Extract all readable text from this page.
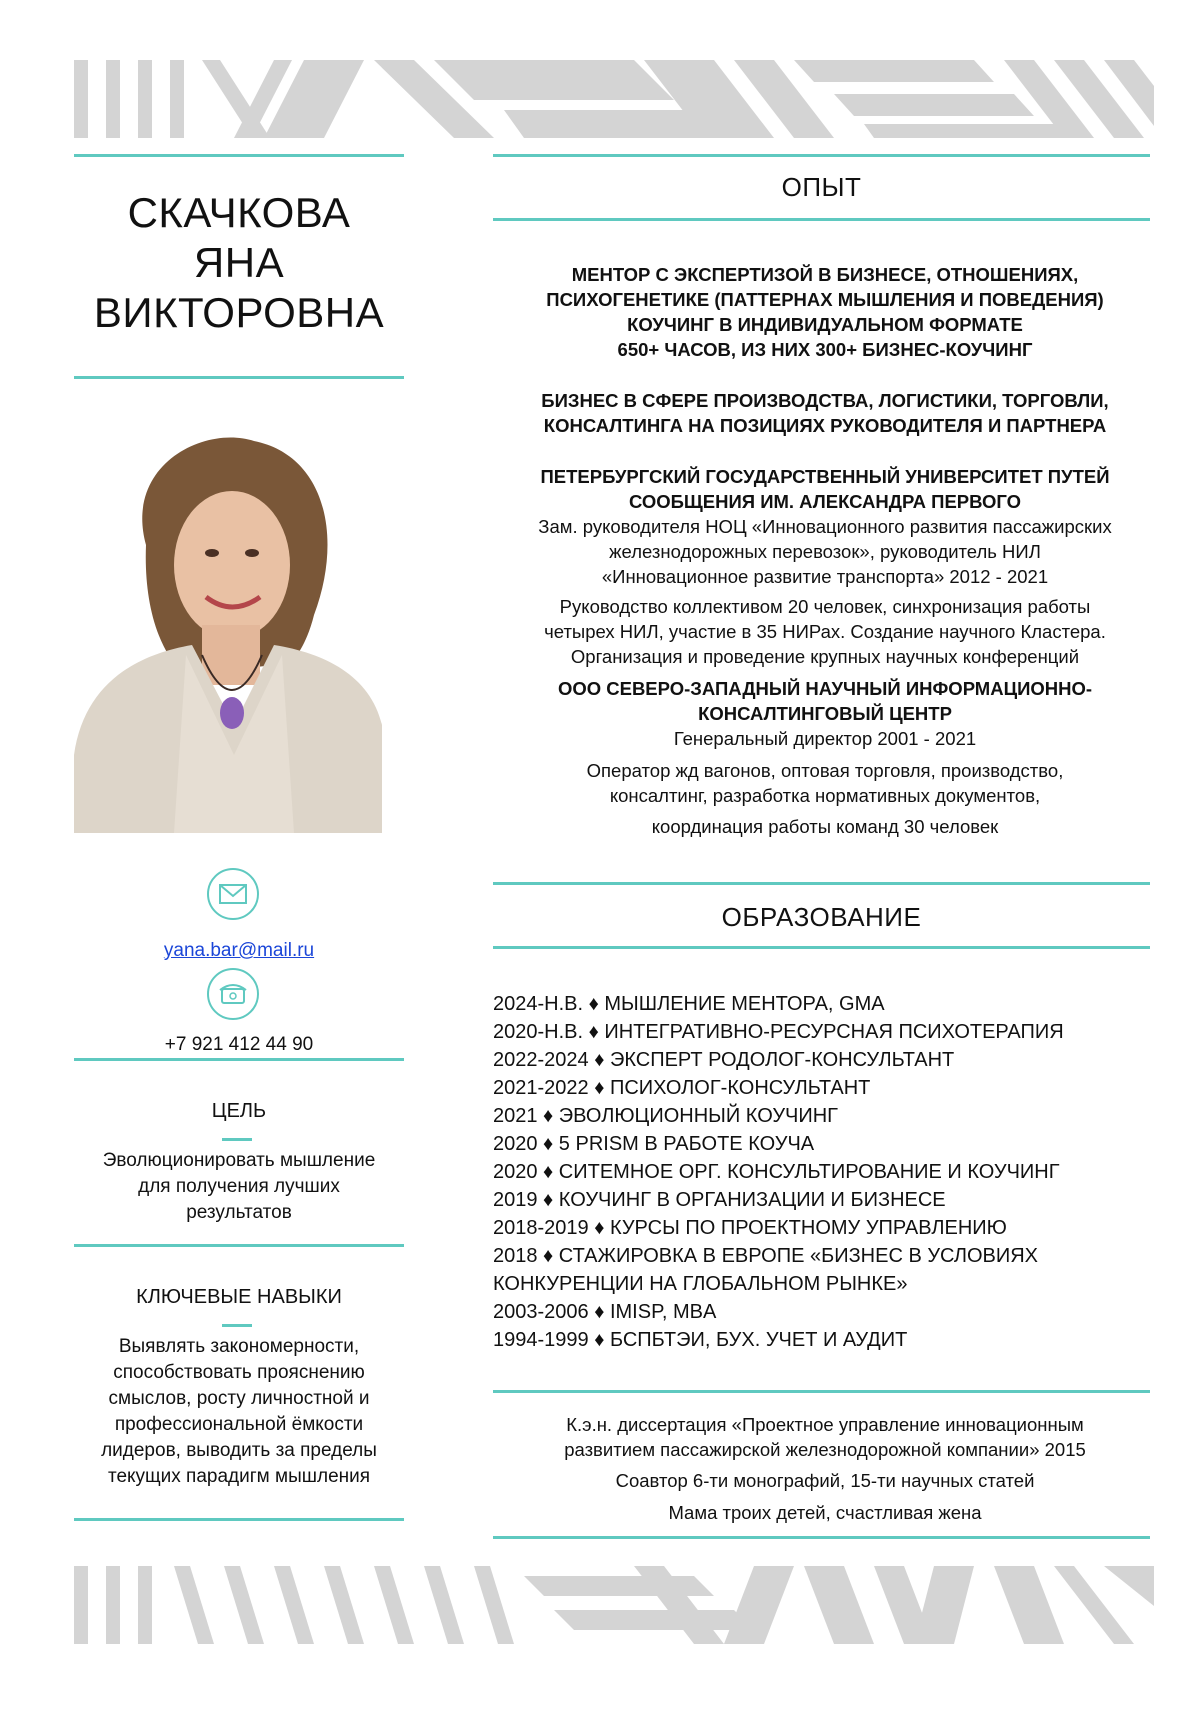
СКАЧКОВА
ЯНА
ВИКТОРОВНА
yana.bar@mail.ru
+7 921 412 44 90
ЦЕЛЬ
Эволюционировать мышление
для получения лучших
результатов
КЛЮЧЕВЫЕ НАВЫКИ
Выявлять закономерности,
способствовать прояснению
смыслов, росту личностной и
профессиональной ёмкости
лидеров, выводить за пределы
текущих парадигм мышления
ОПЫТ
МЕНТОР С ЭКСПЕРТИЗОЙ В БИЗНЕСЕ, ОТНОШЕНИЯХ,
ПСИХОГЕНЕТИКЕ (ПАТТЕРНАХ МЫШЛЕНИЯ И ПОВЕДЕНИЯ)
КОУЧИНГ В ИНДИВИДУАЛЬНОМ ФОРМАТЕ
650+ ЧАСОВ, ИЗ НИХ 300+ БИЗНЕС-КОУЧИНГ
БИЗНЕС В СФЕРЕ ПРОИЗВОДСТВА, ЛОГИСТИКИ, ТОРГОВЛИ,
КОНСАЛТИНГА НА ПОЗИЦИЯХ РУКОВОДИТЕЛЯ И ПАРТНЕРА
ПЕТЕРБУРГСКИЙ ГОСУДАРСТВЕННЫЙ УНИВЕРСИТЕТ ПУТЕЙ
СООБЩЕНИЯ ИМ. АЛЕКСАНДРА ПЕРВОГО
Зам. руководителя НОЦ «Инновационного развития пассажирских
железнодорожных перевозок», руководитель НИЛ
«Инновационное развитие транспорта» 2012 - 2021
Руководство коллективом 20 человек, синхронизация работы
четырех НИЛ, участие в 35 НИРах. Создание научного Кластера.
Организация и проведение крупных научных конференций
ООО СЕВЕРО-ЗАПАДНЫЙ НАУЧНЫЙ ИНФОРМАЦИОННО-
КОНСАЛТИНГОВЫЙ ЦЕНТР
Генеральный директор 2001 - 2021
Оператор жд вагонов, оптовая торговля, производство,
консалтинг, разработка нормативных документов,
координация работы команд 30 человек
ОБРАЗОВАНИЕ
2024-Н.В. ♦ МЫШЛЕНИЕ МЕНТОРА, GMA
2020-Н.В. ♦ ИНТЕГРАТИВНО-РЕСУРСНАЯ ПСИХОТЕРАПИЯ
2022-2024 ♦ ЭКСПЕРТ РОДОЛОГ-КОНСУЛЬТАНТ
2021-2022 ♦ ПСИХОЛОГ-КОНСУЛЬТАНТ
2021 ♦ ЭВОЛЮЦИОННЫЙ КОУЧИНГ
2020 ♦ 5 PRISM В РАБОТЕ КОУЧА
2020 ♦ СИТЕМНОЕ ОРГ. КОНСУЛЬТИРОВАНИЕ И КОУЧИНГ
2019 ♦ КОУЧИНГ В ОРГАНИЗАЦИИ И БИЗНЕСЕ
2018-2019 ♦ КУРСЫ ПО ПРОЕКТНОМУ УПРАВЛЕНИЮ
2018 ♦ СТАЖИРОВКА В ЕВРОПЕ «БИЗНЕС В УСЛОВИЯХ
КОНКУРЕНЦИИ НА ГЛОБАЛЬНОМ РЫНКЕ»
2003-2006 ♦ IMISP, MBA
1994-1999 ♦ БСПБТЭИ, БУХ. УЧЕТ И АУДИТ
К.э.н. диссертация «Проектное управление инновационным
развитием пассажирской железнодорожной компании» 2015
Соавтор 6-ти монографий, 15-ти научных статей
Мама троих детей, счастливая жена
